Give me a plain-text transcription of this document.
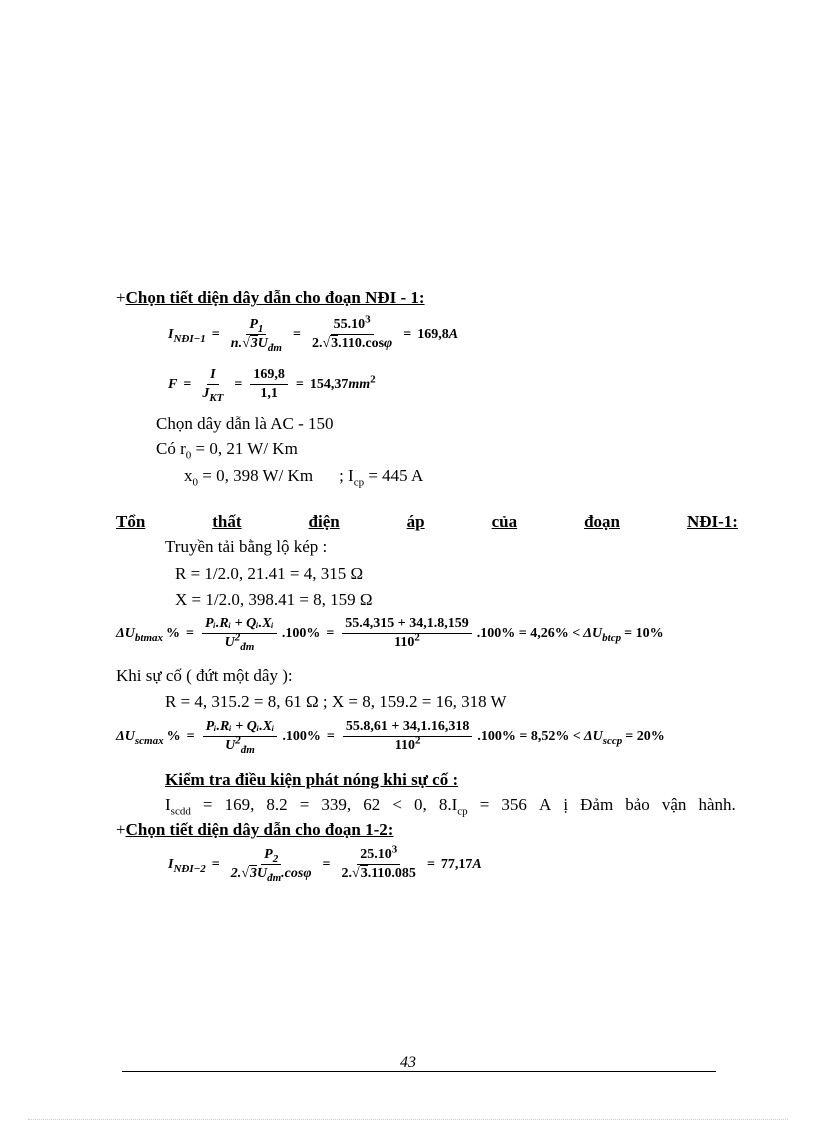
+Chọn tiết diện dây dẫn cho đoạn NĐI - 1:
$I_{NĐI-1} = \frac{P_1}{n.√3U_{đm}} = \frac{55.10^3}{2.√3.110.\cos\varphi} = 169,8A$
$F = \frac{I}{J_{KT}} = \frac{169,8}{1,1} = 154,37mm^2$
Chọn dây dẫn là AC - 150
Có $r_0 = 0$, 21 W/ Km
$x_0 = 0$, 398 W/ Km ; $I_{cp} = 445$ A
Tổn	thất	điện	áp	của	đoạn	NĐI-1:
Truyền tải bằng lộ kép :
R = 1/2.0, 21.41 = 4, 315 Ω
X = 1/2.0, 398.41 = 8, 159 Ω
$\Delta U_{btmax}$ % = $\frac{\text{Pᵢ.Rᵢ + Qᵢ.Xᵢ}}{U^2_{đm}} .100\% = \frac{55.4,315 + 34,1.8,159}{110^2} .100\% = 4,26\% < \Delta U_{btcp} = 10\%$
Khi sự cố ( đứt một dây ):
R = 4, 315.2 = 8, 61 Ω ; X = 8, 159.2 = 16, 318 W
$\Delta U_{scmax}$ % = $\frac{\text{Pᵢ.Rᵢ + Qᵢ.Xᵢ}}{U^2_{đm}} .100\% = \frac{55.8,61 + 34,1.16,318}{110^2} .100\% = 8,52\% < \Delta U_{sccp} = 20\%$
Kiểm tra điều kiện phát nóng khi sự cố :
$I_{scdd} = 169$, 8.2 = 339, 62 < 0, $8.I_{cp} = 356$ A ị Đảm bảo vận hành.
+Chọn tiết diện dây dẫn cho đoạn 1-2:
$I_{NĐI-2} = \frac{P_2}{2.√3U_{đm}.\cos\varphi} = \frac{25.10^3}{2.√3.110.085} = 77,17A$
43
